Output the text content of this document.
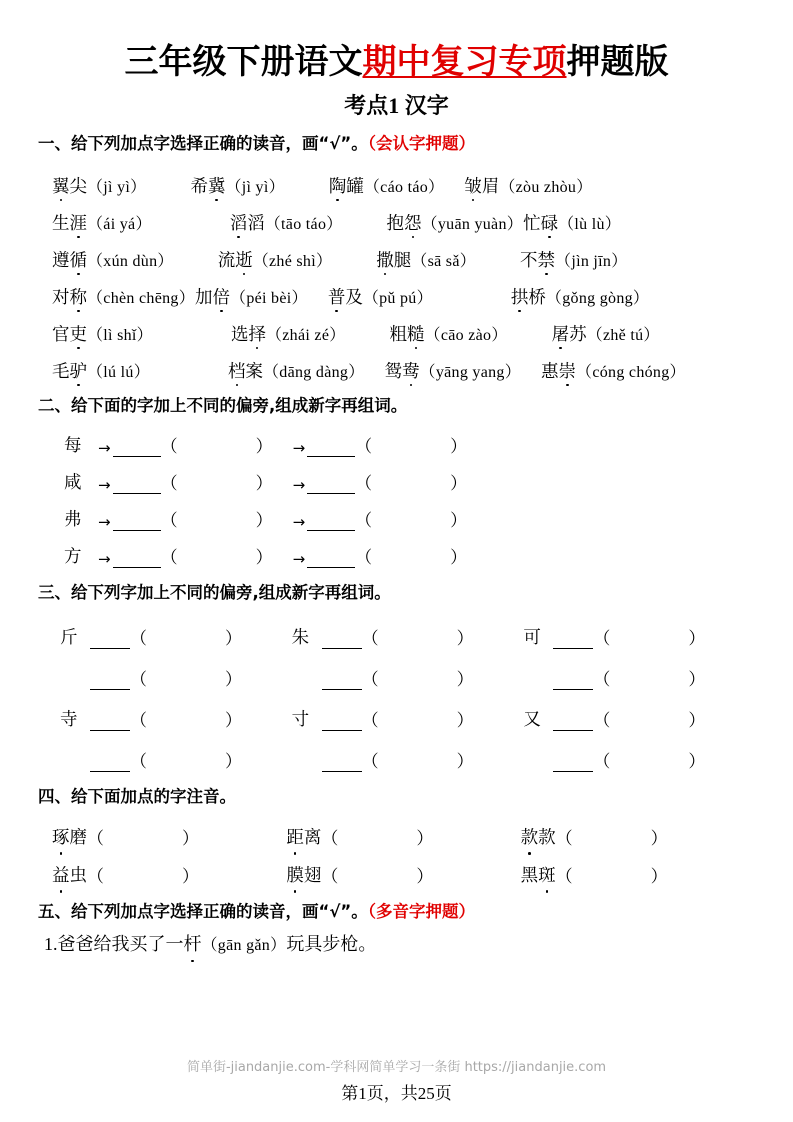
三年级下册语文期中复习专项押题版
考点1 汉字
一、给下列加点字选择正确的读音，画“√”。（会认字押题）
翼尖 （jì yì）	希冀 （jì yì）	陶罐 （cáo táo） 皱眉 （zòu zhòu）
生涯 （ái yá）	滔滔 （tāo táo）	抱怨 （yuān yuàn） 忙碌 （lù lù）
遵循 （xún dùn）	流逝 （zhé shì）	撒腿 （sā sǎ）	不禁 （jìn jīn）
对称 （chèn chēng） 加倍 （péi bèi） 普及 （pǔ pú）	拱桥 （gǒng gòng）
官吏 （lì shǐ）	选择 （zhái zé）	粗糙 （cāo zào）	屠苏 （zhě tú）
毛驴 （lú lú）	档案 （dāng dàng） 鸳鸯 （yāng yang） 惠崇 （cóng chóng）
二、给下面的字加上不同的偏旁,组成新字再组词。
每	→	（	） →	（	）
咸	→	（	） →	（	）
弗	→	（	） →	（	）
方	→	（	） →	（	）
三、给下列字加上不同的偏旁,组成新字再组词。
斤	（	）	朱	（	）	可	（	）
（	）	（	）	（	）
寺	（	）	寸	（	）	又	（	）
（	）	（	）	（	）
四、给下面加点的字注音。
琢磨 （	）	距离 （	）	款款 （	）
益虫 （	）	膜翅 （	）	黑斑 （	）
五、给下列加点字选择正确的读音，画“√”。（多音字押题）
1.爸爸给我买了一杆（gān gǎn）玩具步枪。
简单街-jiandanjie.com-学科网简单学习一条街 https://jiandanjie.com
第1页，共25页
